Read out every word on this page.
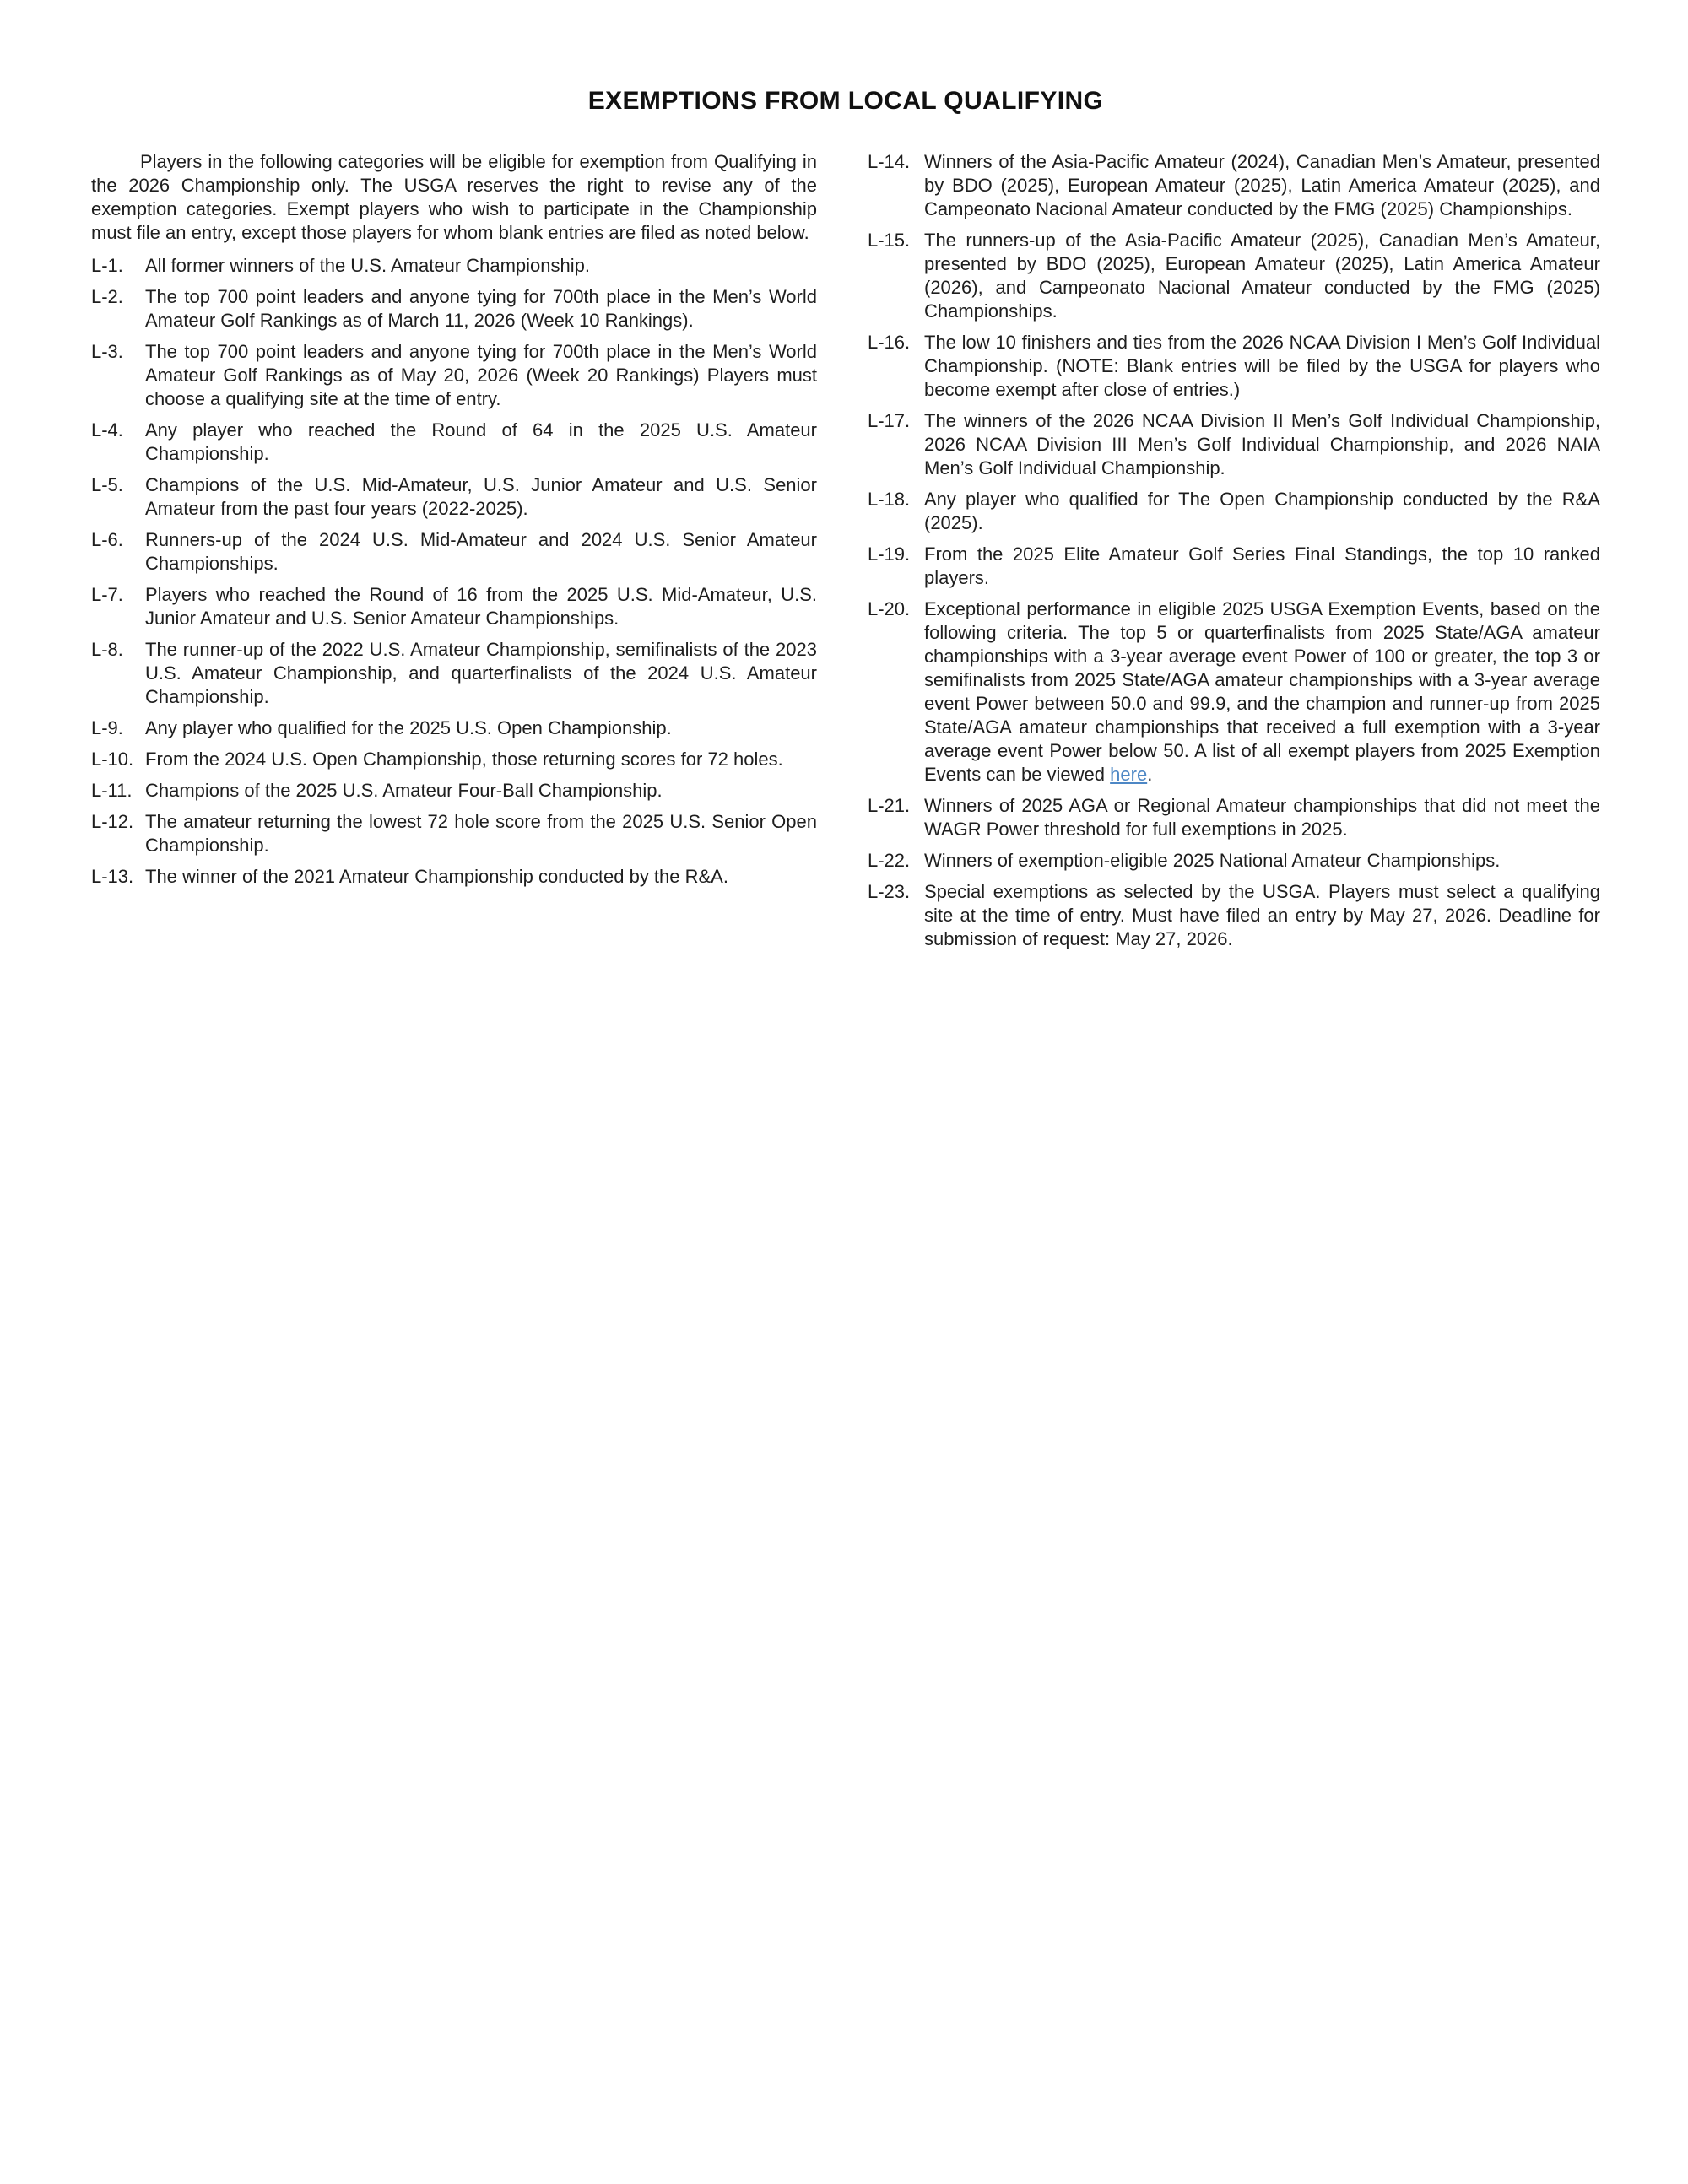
EXEMPTIONS FROM LOCAL QUALIFYING

Players in the following categories will be eligible for exemption from Qualifying in the 2026 Championship only. The USGA reserves the right to revise any of the exemption categories. Exempt players who wish to participate in the Championship must file an entry, except those players for whom blank entries are filed as noted below.

L-1.	All former winners of the U.S. Amateur Championship.
L-2.	The top 700 point leaders and anyone tying for 700th place in the Men’s World Amateur Golf Rankings as of March 11, 2026 (Week 10 Rankings).
L-3.	The top 700 point leaders and anyone tying for 700th place in the Men’s World Amateur Golf Rankings as of May 20, 2026 (Week 20 Rankings) Players must choose a qualifying site at the time of entry.
L-4.	Any player who reached the Round of 64 in the 2025 U.S. Amateur Championship.
L-5.	Champions of the U.S. Mid-Amateur, U.S. Junior Amateur and U.S. Senior Amateur from the past four years (2022-2025).
L-6.	Runners-up of the 2024 U.S. Mid-Amateur and 2024 U.S. Senior Amateur Championships.
L-7.	Players who reached the Round of 16 from the 2025 U.S. Mid-Amateur, U.S. Junior Amateur and U.S. Senior Amateur Championships.
L-8.	The runner-up of the 2022 U.S. Amateur Championship, semifinalists of the 2023 U.S. Amateur Championship, and quarterfinalists of the 2024 U.S. Amateur Championship.
L-9.	Any player who qualified for the 2025 U.S. Open Championship.
L-10. From the 2024 U.S. Open Championship, those returning scores for 72 holes.
L-11. Champions of the 2025 U.S. Amateur Four-Ball Championship.
L-12. The amateur returning the lowest 72 hole score from the 2025 U.S. Senior Open Championship.
L-13. The winner of the 2021 Amateur Championship conducted by the R&A.
L-14. Winners of the Asia-Pacific Amateur (2024), Canadian Men’s Amateur, presented by BDO (2025), European Amateur (2025), Latin America Amateur (2025), and Campeonato Nacional Amateur conducted by the FMG (2025) Championships.
L-15. The runners-up of the Asia-Pacific Amateur (2025), Canadian Men’s Amateur, presented by BDO (2025), European Amateur (2025), Latin America Amateur (2026), and Campeonato Nacional Amateur conducted by the FMG (2025) Championships.
L-16. The low 10 finishers and ties from the 2026 NCAA Division I Men’s Golf Individual Championship. (NOTE: Blank entries will be filed by the USGA for players who become exempt after close of entries.)
L-17. The winners of the 2026 NCAA Division II Men’s Golf Individual Championship, 2026 NCAA Division III Men’s Golf Individual Championship, and 2026 NAIA Men’s Golf Individual Championship.
L-18. Any player who qualified for The Open Championship conducted by the R&A (2025).
L-19. From the 2025 Elite Amateur Golf Series Final Standings, the top 10 ranked players.
L-20. Exceptional performance in eligible 2025 USGA Exemption Events, based on the following criteria. The top 5 or quarterfinalists from 2025 State/AGA amateur championships with a 3-year average event Power of 100 or greater, the top 3 or semifinalists from 2025 State/AGA amateur championships with a 3-year average event Power between 50.0 and 99.9, and the champion and runner-up from 2025 State/AGA amateur championships that received a full exemption with a 3-year average event Power below 50. A list of all exempt players from 2025 Exemption Events can be viewed here.
L-21. Winners of 2025 AGA or Regional Amateur championships that did not meet the WAGR Power threshold for full exemptions in 2025.
L-22. Winners of exemption-eligible 2025 National Amateur Championships.
L-23. Special exemptions as selected by the USGA. Players must select a qualifying site at the time of entry. Must have filed an entry by May 27, 2026. Deadline for submission of request: May 27, 2026.
